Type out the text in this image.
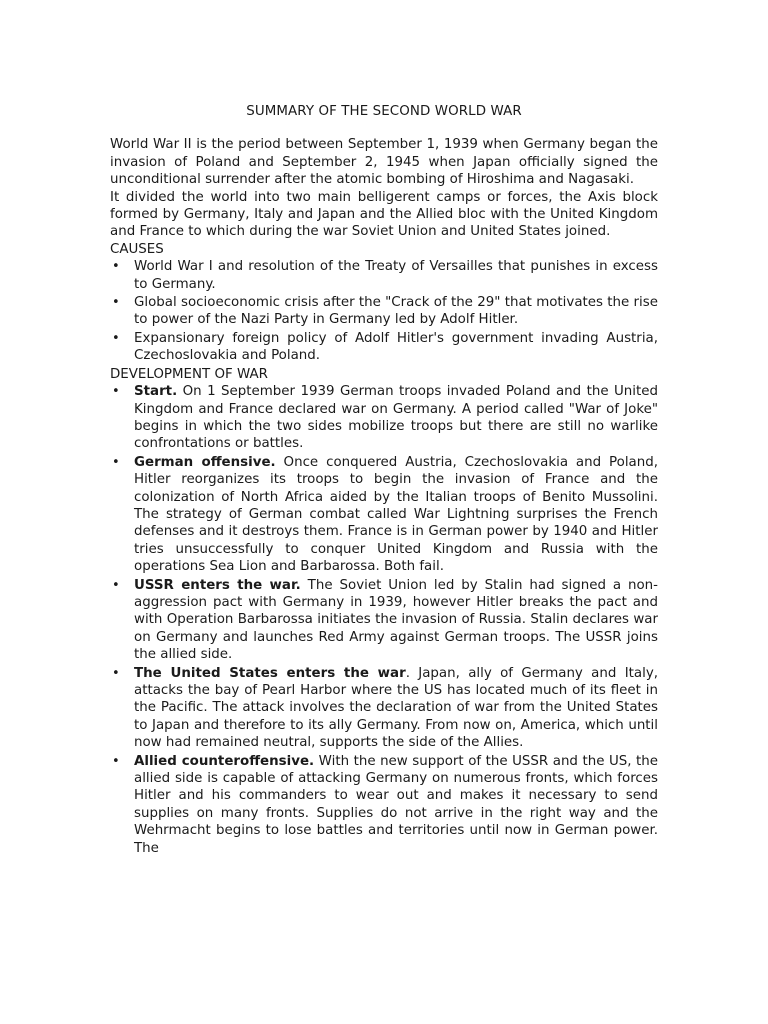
SUMMARY OF THE SECOND WORLD WAR

World War II is the period between September 1, 1939 when Germany began the invasion of Poland and September 2, 1945 when Japan officially signed the unconditional surrender after the atomic bombing of Hiroshima and Nagasaki.

It divided the world into two main belligerent camps or forces, the Axis block formed by Germany, Italy and Japan and the Allied bloc with the United Kingdom and France to which during the war Soviet Union and United States joined.

CAUSES

• World War I and resolution of the Treaty of Versailles that punishes in excess to Germany.
• Global socioeconomic crisis after the "Crack of the 29" that motivates the rise to power of the Nazi Party in Germany led by Adolf Hitler.
• Expansionary foreign policy of Adolf Hitler's government invading Austria, Czechoslovakia and Poland.

DEVELOPMENT OF WAR

• Start. On 1 September 1939 German troops invaded Poland and the United Kingdom and France declared war on Germany. A period called "War of Joke" begins in which the two sides mobilize troops but there are still no warlike confrontations or battles.
• German offensive. Once conquered Austria, Czechoslovakia and Poland, Hitler reorganizes its troops to begin the invasion of France and the colonization of North Africa aided by the Italian troops of Benito Mussolini. The strategy of German combat called War Lightning surprises the French defenses and it destroys them. France is in German power by 1940 and Hitler tries unsuccessfully to conquer United Kingdom and Russia with the operations Sea Lion and Barbarossa. Both fail.
• USSR enters the war. The Soviet Union led by Stalin had signed a non-aggression pact with Germany in 1939, however Hitler breaks the pact and with Operation Barbarossa initiates the invasion of Russia. Stalin declares war on Germany and launches Red Army against German troops. The USSR joins the allied side.
• The United States enters the war. Japan, ally of Germany and Italy, attacks the bay of Pearl Harbor where the US has located much of its fleet in the Pacific. The attack involves the declaration of war from the United States to Japan and therefore to its ally Germany. From now on, America, which until now had remained neutral, supports the side of the Allies.
• Allied counteroffensive. With the new support of the USSR and the US, the allied side is capable of attacking Germany on numerous fronts, which forces Hitler and his commanders to wear out and makes it necessary to send supplies on many fronts. Supplies do not arrive in the right way and the Wehrmacht begins to lose battles and territories until now in German power. The
